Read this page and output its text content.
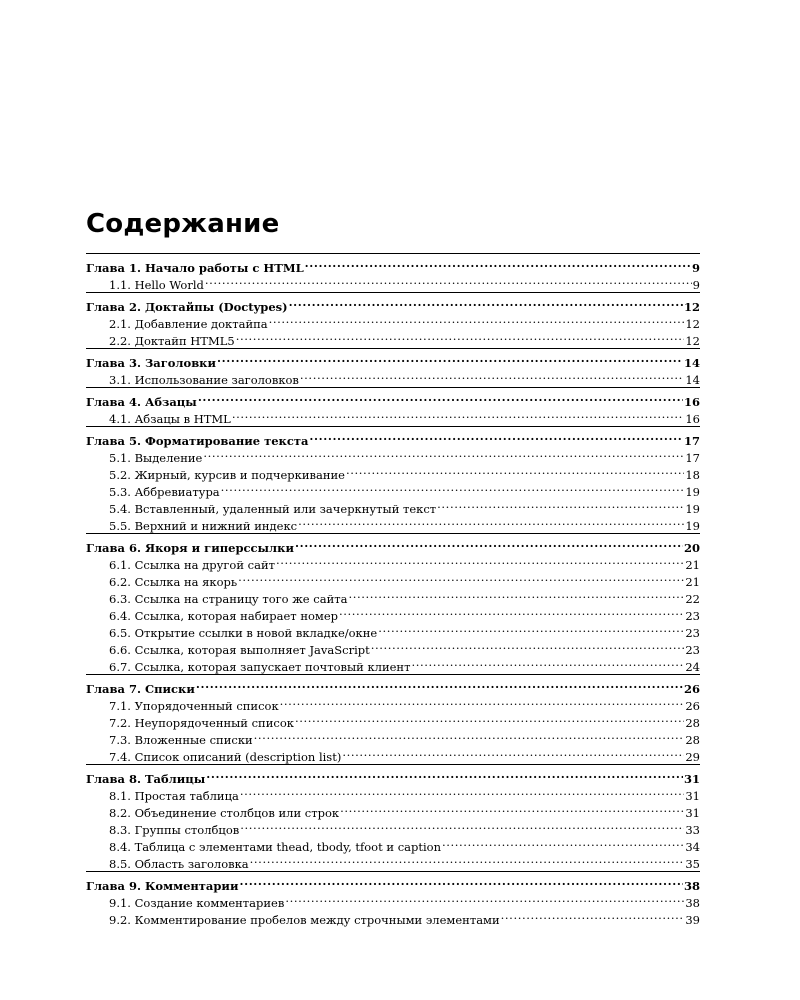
Содержание
Глава 1. Начало работы с HTML .....	9
1.1. Hello World .....	9
Глава 2. Доктайпы (Doctypes) .....	12
2.1. Добавление доктайпа .....	12
2.2. Доктайп HTML5 .....	12
Глава 3. Заголовки .....	14
3.1. Использование заголовков .....	14
Глава 4. Абзацы .....	16
4.1. Абзацы в HTML .....	16
Глава 5. Форматирование текста .....	17
5.1. Выделение .....	17
5.2. Жирный, курсив и подчеркивание .....	18
5.3. Аббревиатура .....	19
5.4. Вставленный, удаленный или зачеркнутый текст .....	19
5.5. Верхний и нижний индекс .....	19
Глава 6. Якоря и гиперссылки .....	20
6.1. Ссылка на другой сайт .....	21
6.2. Ссылка на якорь .....	21
6.3. Ссылка на страницу того же сайта .....	22
6.4. Ссылка, которая набирает номер .....	23
6.5. Открытие ссылки в новой вкладке/окне .....	23
6.6. Ссылка, которая выполняет JavaScript .....	23
6.7. Ссылка, которая запускает почтовый клиент .....	24
Глава 7. Списки .....	26
7.1. Упорядоченный список .....	26
7.2. Неупорядоченный список .....	28
7.3. Вложенные списки .....	28
7.4. Список описаний (description list) .....	29
Глава 8. Таблицы .....	31
8.1. Простая таблица .....	31
8.2. Объединение столбцов или строк .....	31
8.3. Группы столбцов .....	33
8.4. Таблица с элементами thead, tbody, tfoot и caption .....	34
8.5. Область заголовка .....	35
Глава 9. Комментарии .....	38
9.1. Создание комментариев .....	38
9.2. Комментирование пробелов между строчными элементами .....	39
